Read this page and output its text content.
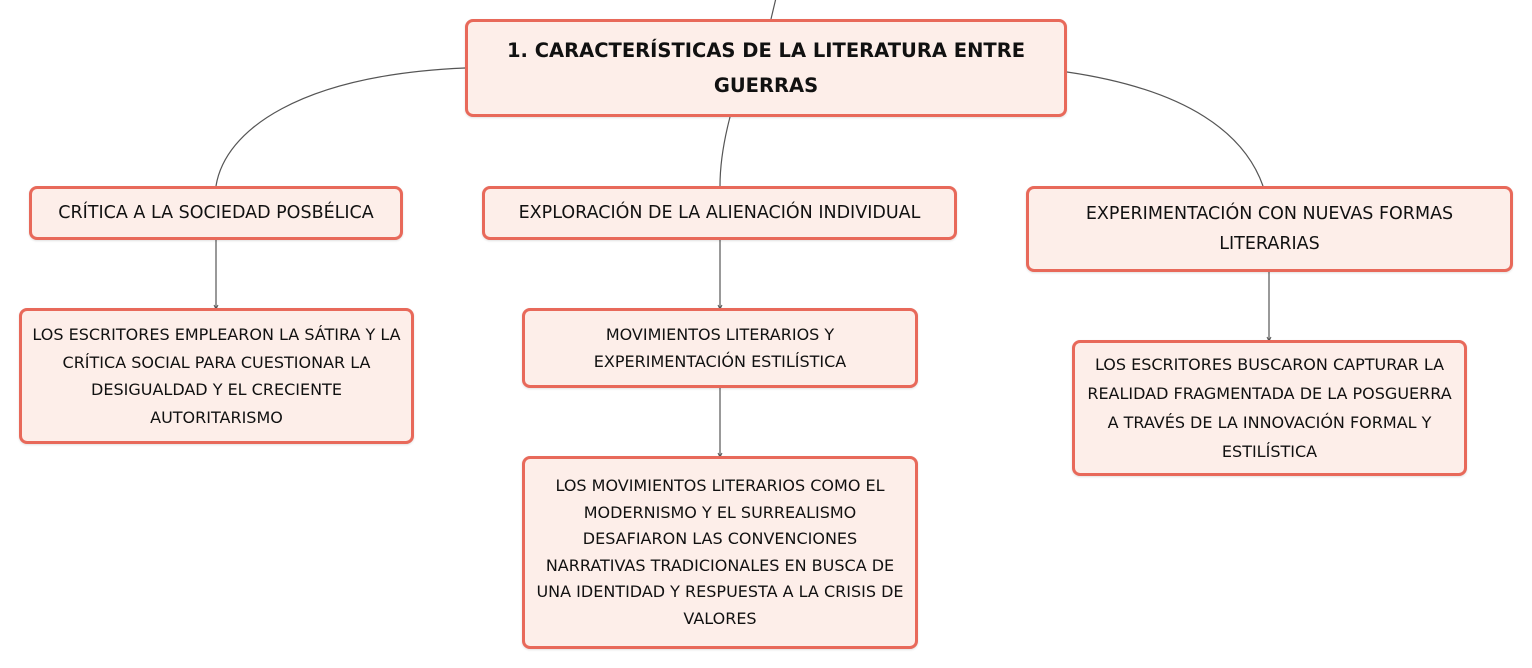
1. CARACTERÍSTICAS DE LA LITERATURA ENTRE
GUERRAS
CRÍTICA A LA SOCIEDAD POSBÉLICA	EXPLORACIÓN DE LA ALIENACIÓN INDIVIDUAL	EXPERIMENTACIÓN CON NUEVAS FORMAS
LITERARIAS
LOS ESCRITORES EMPLEARON LA SÁTIRA Y LA
CRÍTICA SOCIAL PARA CUESTIONAR LA
DESIGUALDAD Y EL CRECIENTE
AUTORITARISMO
MOVIMIENTOS LITERARIOS Y
EXPERIMENTACIÓN ESTILÍSTICA
LOS MOVIMIENTOS LITERARIOS COMO EL
MODERNISMO Y EL SURREALISMO
DESAFIARON LAS CONVENCIONES
NARRATIVAS TRADICIONALES EN BUSCA DE
UNA IDENTIDAD Y RESPUESTA A LA CRISIS DE
VALORES
LOS ESCRITORES BUSCARON CAPTURAR LA
REALIDAD FRAGMENTADA DE LA POSGUERRA
A TRAVÉS DE LA INNOVACIÓN FORMAL Y
ESTILÍSTICA
